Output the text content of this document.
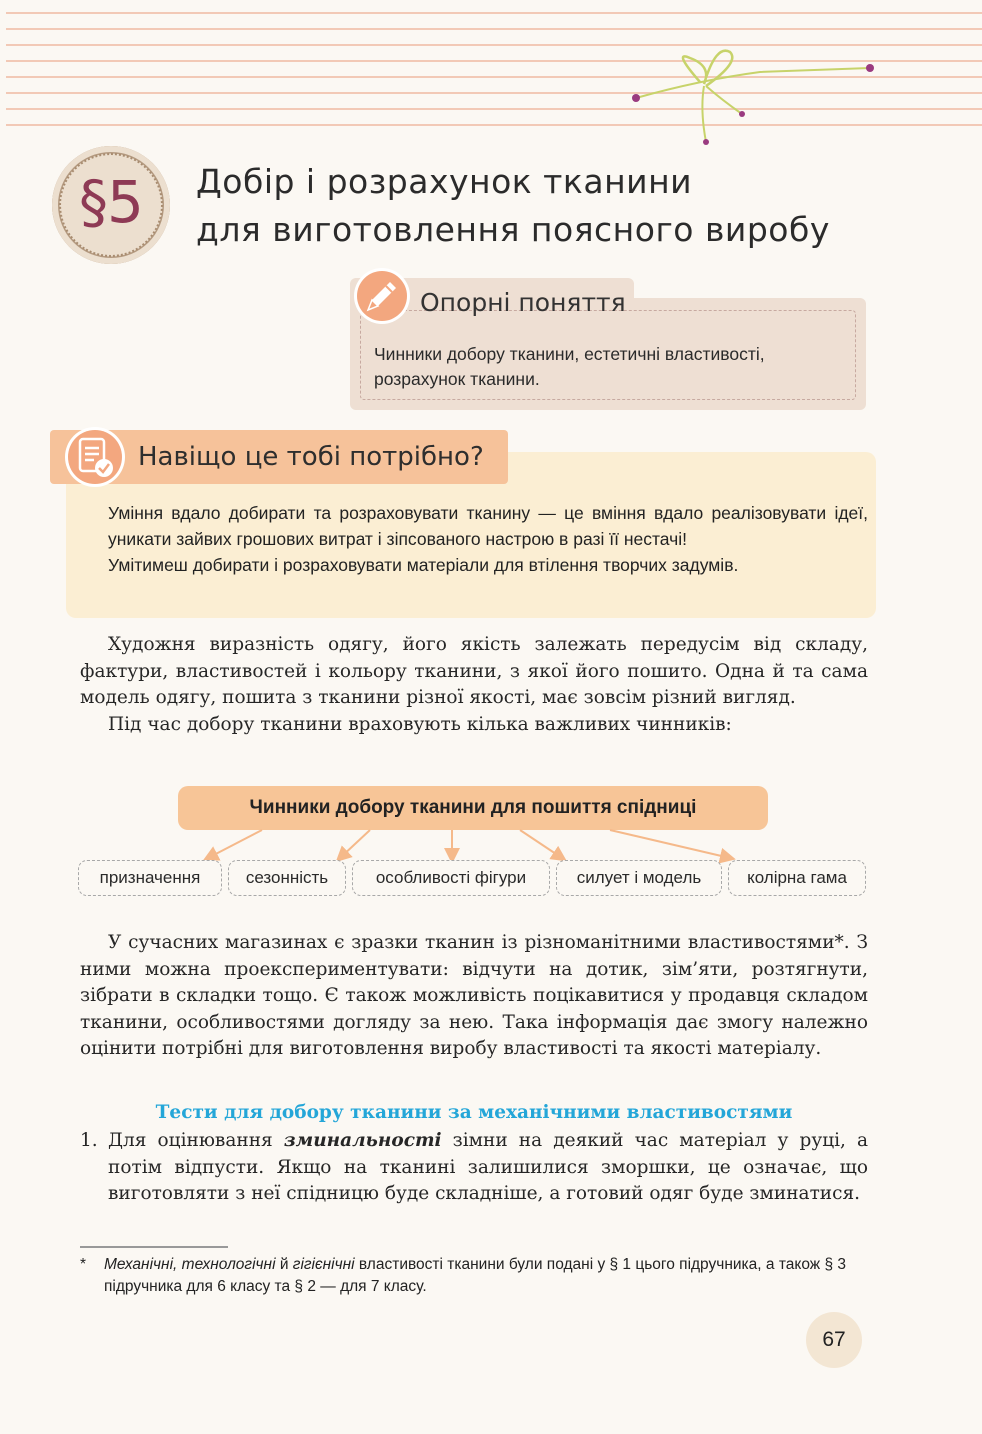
§5	Добір і розрахунок тканини
для виготовлення поясного виробу
Опорні поняття
Чинники добору тканини, естетичні властивості, розрахунок тканини.
Навіщо це тобі потрібно?

Уміння вдало добирати та розраховувати тканину — це вміння вдало реалізовувати ідеї, уникати зайвих грошових витрат і зіпсованого настрою в разі її нестачі!

Умітимеш добирати і розраховувати матеріали для втілення творчих задумів.

Художня виразність одягу, його якість залежать передусім від складу, фактури, властивостей і кольору тканини, з якої його пошито. Одна й та сама модель одягу, пошита з тканини різної якості, має зовсім різний вигляд.

Під час добору тканини враховують кілька важливих чинників:

Чинники добору тканини для пошиття спідниці
призначення	сезонність	особливості фігури	силует і модель	колірна гама

У сучасних магазинах є зразки тканин із різноманітними властивостями*. З ними можна проекспериментувати: відчути на дотик, зім’яти, розтягнути, зібрати в складки тощо. Є також можливість поцікавитися у продавця складом тканини, особливостями догляду за нею. Така інформація дає змогу належно оцінити потрібні для виготовлення виробу властивості та якості матеріалу.

Тести для добору тканини за механічними властивостями
1. Для оцінювання зминальності зімни на деякий час матеріал у руці, а потім відпусти. Якщо на тканині залишилися зморшки, це означає, що виготовляти з неї спідницю буде складніше, а готовий одяг буде зминатися.
* Механічні, технологічні й гігієнічні властивості тканини були подані у § 1 цього підручника, а також § 3 підручника для 6 класу та § 2 — для 7 класу.
67
